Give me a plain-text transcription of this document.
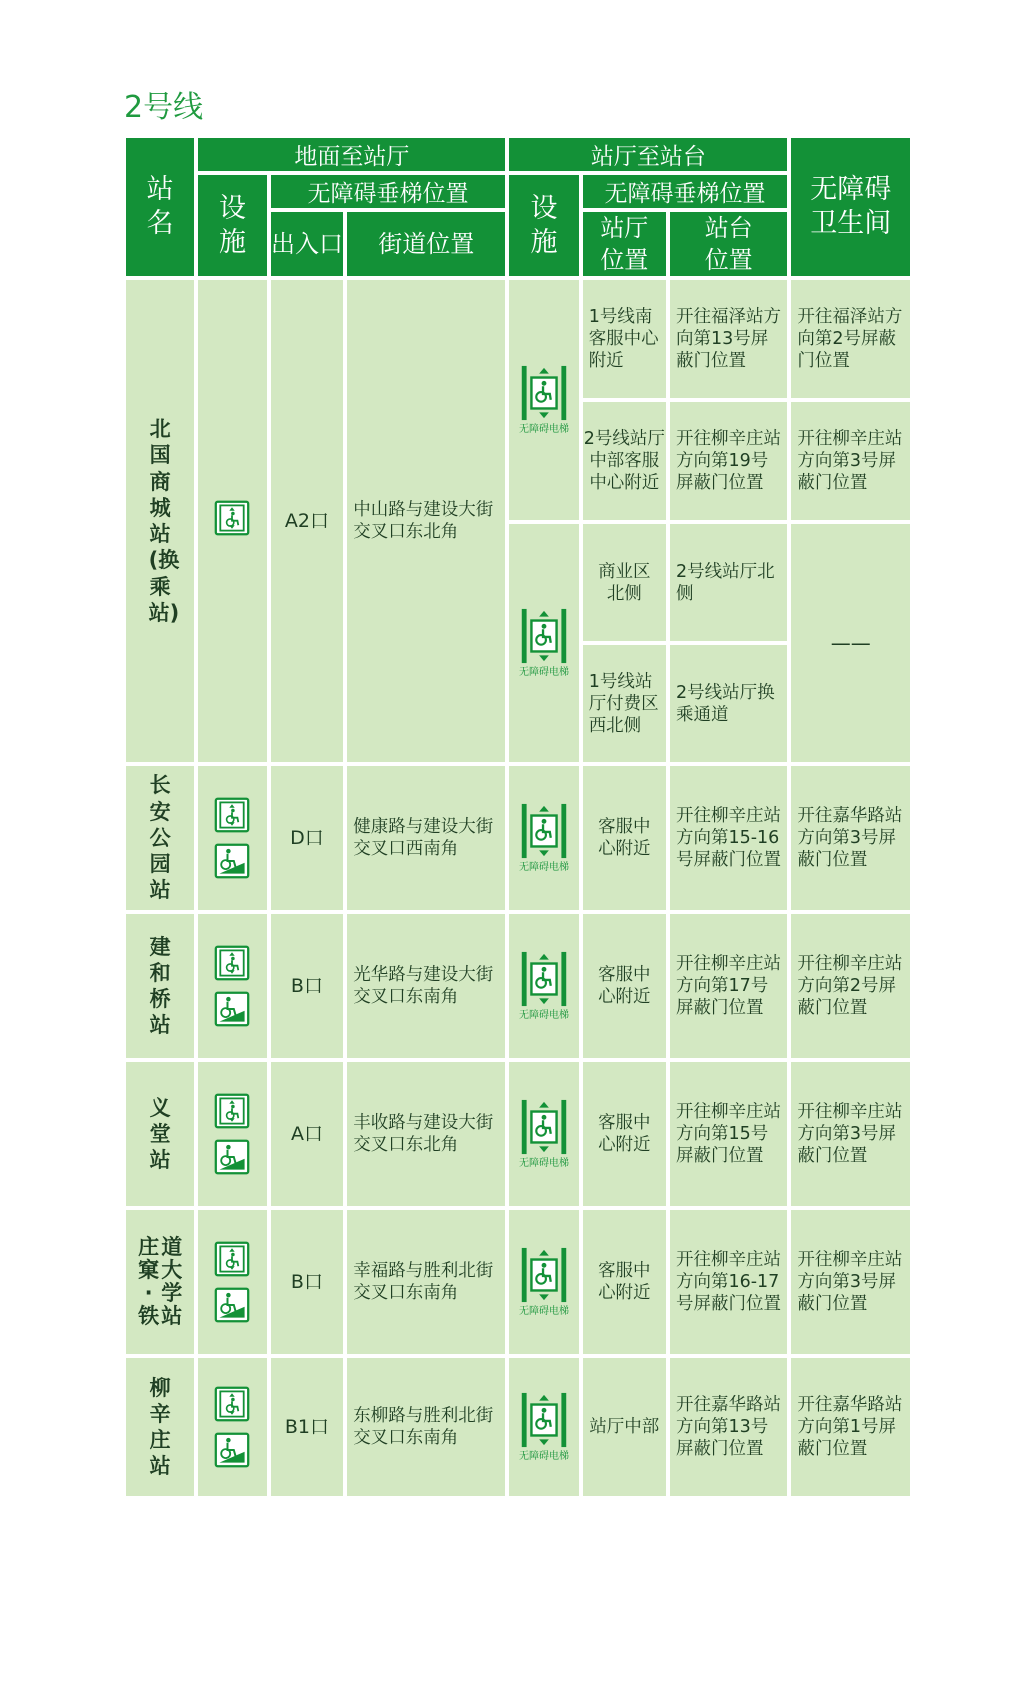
2号线
站名	地面至站厅			站厅至站台			无障碍卫生间
	设施	无障碍垂梯位置		设施	无障碍垂梯位置		
		出入口	街道位置		站厅位置	站台位置	
北国商城站(换乘站)		A2口	中山路与建设大街交叉口东北角	无障碍电梯	1号线南客服中心附近	开往福泽站方向第13号屏蔽门位置	开往福泽站方向第2号屏蔽门位置
					2号线站厅中部客服中心附近	开往柳辛庄站方向第19号屏蔽门位置	开往柳辛庄站方向第3号屏蔽门位置

				无障碍电梯	商业区北侧	2号线站厅北侧	——
					1号线站厅付费区西北侧	2号线站厅换乘通道	
长安公园站		D口	健康路与建设大街交叉口西南角	无障碍电梯	客服中心附近	开往柳辛庄站方向第15-16号屏蔽门位置	开往嘉华路站方向第3号屏蔽门位置
建和桥站		B口	光华路与建设大街交叉口东南角	无障碍电梯	客服中心附近	开往柳辛庄站方向第17号屏蔽门位置	开往柳辛庄站方向第2号屏蔽门位置
义堂站		A口	丰收路与建设大街交叉口东北角	无障碍电梯	客服中心附近	开往柳辛庄站方向第15号屏蔽门位置	开往柳辛庄站方向第3号屏蔽门位置
庄窠·铁道大学站		B口	幸福路与胜利北街交叉口东南角	无障碍电梯	客服中心附近	开往柳辛庄站方向第16-17号屏蔽门位置	开往柳辛庄站方向第3号屏蔽门位置
柳辛庄站		B1口	东柳路与胜利北街交叉口东南角	无障碍电梯	站厅中部	开往嘉华路站方向第13号屏蔽门位置	开往嘉华路站方向第1号屏蔽门位置
